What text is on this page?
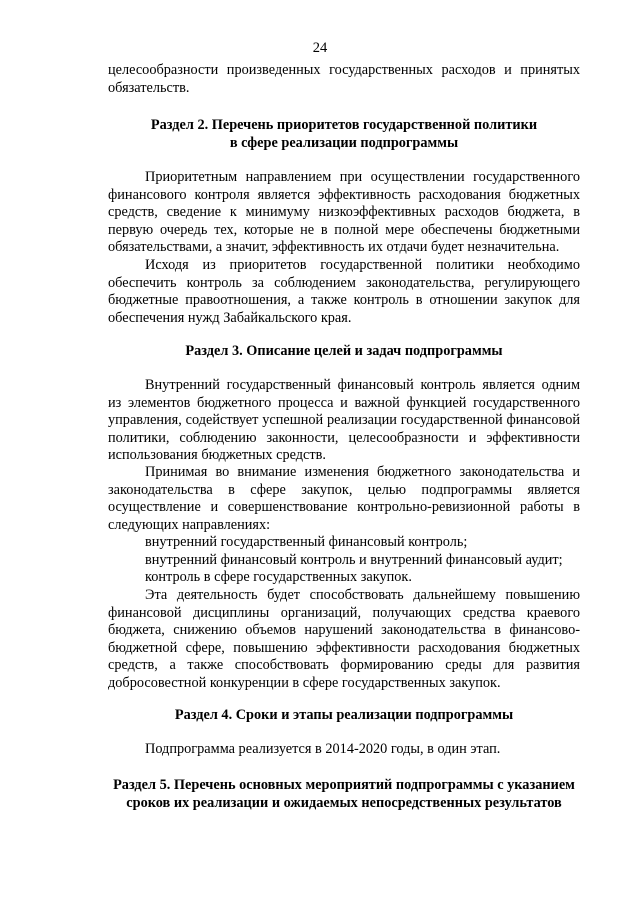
24

целесообразности произведенных государственных расходов и принятых обязательств.

Раздел 2. Перечень приоритетов государственной политики

в сфере реализации подпрограммы

Приоритетным направлением при осуществлении государственного финансового контроля является эффективность расходования бюджетных средств, сведение к минимуму низкоэффективных расходов бюджета, в первую очередь тех, которые не в полной мере обеспечены бюджетными обязательствами, а значит, эффективность их отдачи будет незначительна.

Исходя из приоритетов государственной политики необходимо обеспечить контроль за соблюдением законодательства, регулирующего бюджетные правоотношения, а также контроль в отношении закупок для обеспечения нужд Забайкальского края.

Раздел 3. Описание целей и задач подпрограммы

Внутренний государственный финансовый контроль является одним из элементов бюджетного процесса и важной функцией государственного управления, содействует успешной реализации государственной финансовой политики, соблюдению законности, целесообразности и эффективности использования бюджетных средств.

Принимая во внимание изменения бюджетного законодательства и законодательства в сфере закупок, целью подпрограммы является осуществление и совершенствование контрольно-ревизионной работы в следующих направлениях:

внутренний государственный финансовый контроль;

внутренний финансовый контроль и внутренний финансовый аудит;

контроль в сфере государственных закупок.

Эта деятельность будет способствовать дальнейшему повышению финансовой дисциплины организаций, получающих средства краевого бюджета, снижению объемов нарушений законодательства в финансово-бюджетной сфере, повышению эффективности расходования бюджетных средств, а также способствовать формированию среды для развития добросовестной конкуренции в сфере государственных закупок.

Раздел 4. Сроки и этапы реализации подпрограммы

Подпрограмма реализуется в 2014-2020 годы, в один этап.

Раздел 5. Перечень основных мероприятий подпрограммы с указанием

сроков их реализации и ожидаемых непосредственных результатов
